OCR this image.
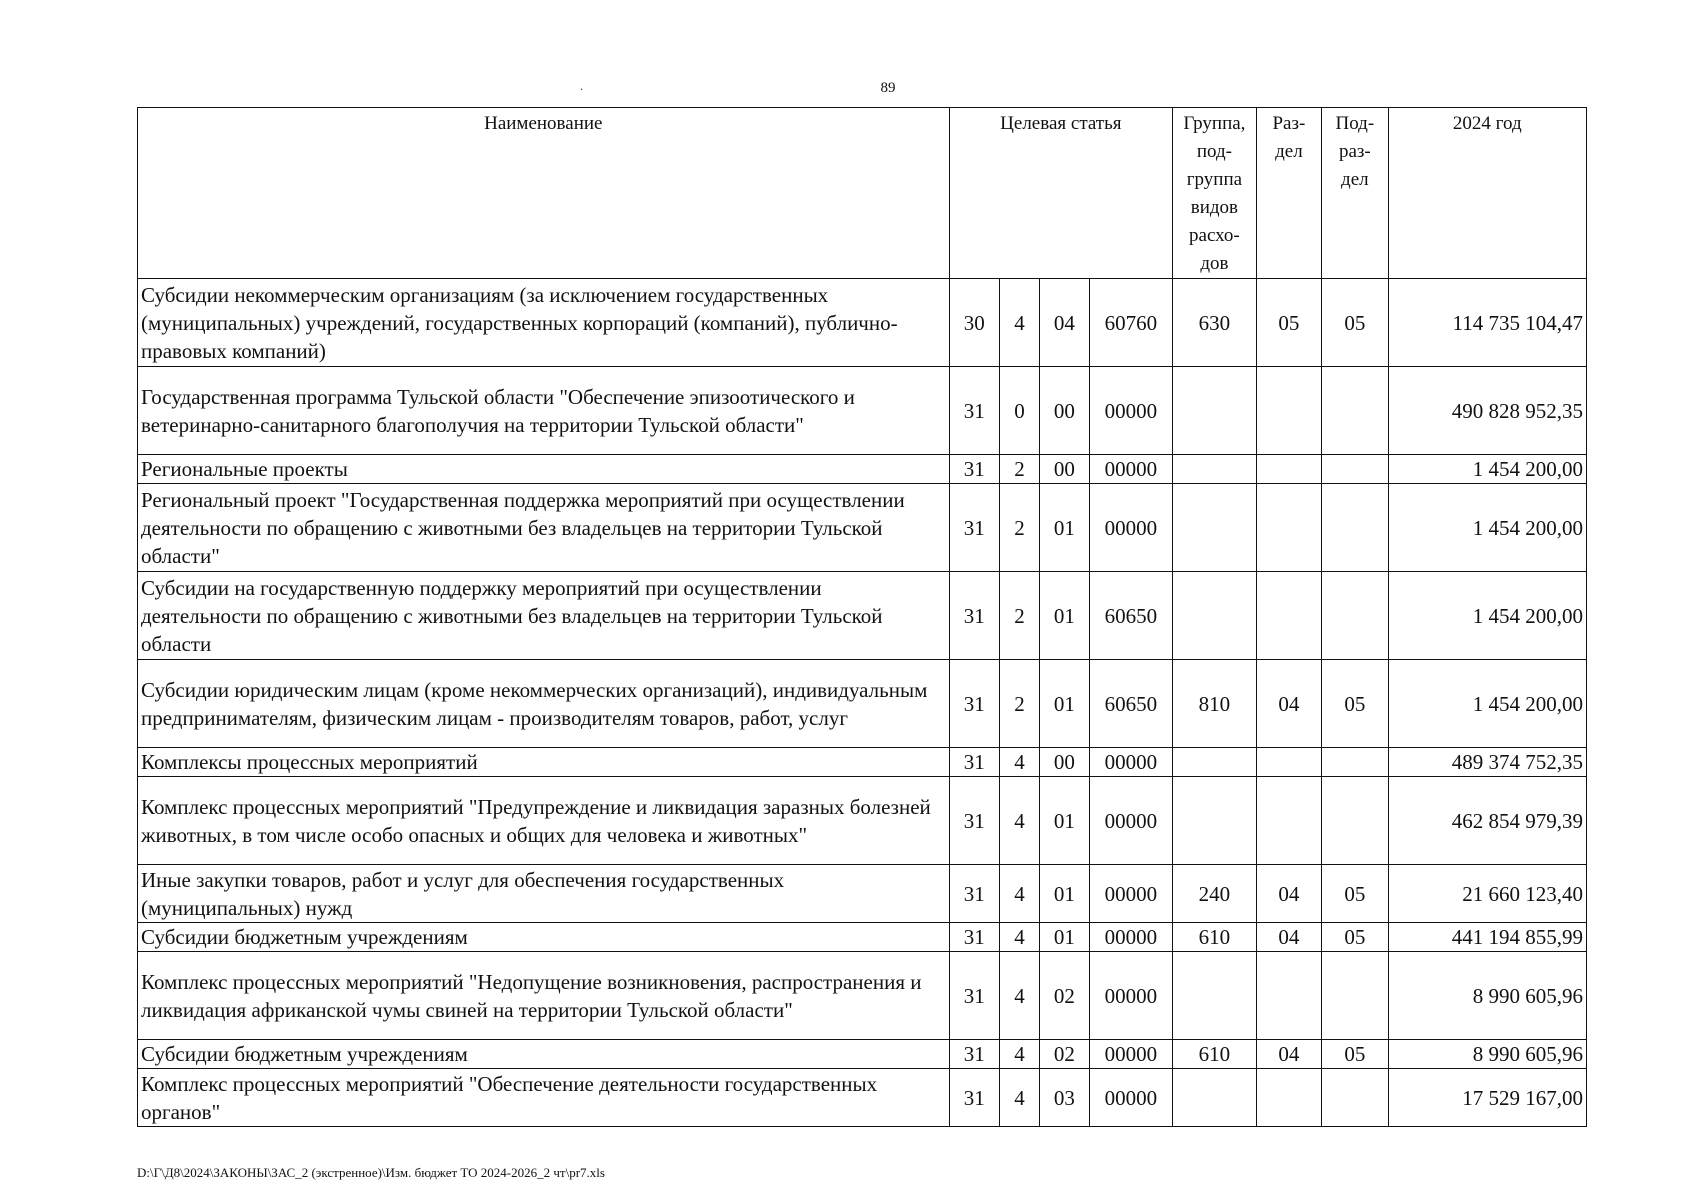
89
.
Наименование	Целевая статья				Группа, под- группа видов расхо- дов	Раз- дел	Под- раз- дел	2024 год
Субсидии некоммерческим организациям (за исключением государственных (муниципальных) учреждений, государственных корпораций (компаний), публично-правовых компаний)	30	4	04	60760	630	05	05	114 735 104,47
Государственная программа Тульской области "Обеспечение эпизоотического и ветеринарно-санитарного благополучия на территории Тульской области"	31	0	00	00000				490 828 952,35
Региональные проекты	31	2	00	00000				1 454 200,00
Региональный проект "Государственная поддержка мероприятий при осуществлении деятельности по обращению с животными без владельцев на территории Тульской области"	31	2	01	00000				1 454 200,00
Субсидии на государственную поддержку мероприятий при осуществлении деятельности по обращению с животными без владельцев на территории Тульской области	31	2	01	60650				1 454 200,00
Субсидии юридическим лицам (кроме некоммерческих организаций), индивидуальным предпринимателям, физическим лицам - производителям товаров, работ, услуг	31	2	01	60650	810	04	05	1 454 200,00
Комплексы процессных мероприятий	31	4	00	00000				489 374 752,35
Комплекс процессных мероприятий "Предупреждение и ликвидация заразных болезней животных, в том числе особо опасных и общих для человека и животных"	31	4	01	00000				462 854 979,39
Иные закупки товаров, работ и услуг для обеспечения государственных (муниципальных) нужд	31	4	01	00000	240	04	05	21 660 123,40
Субсидии бюджетным учреждениям	31	4	01	00000	610	04	05	441 194 855,99
Комплекс процессных мероприятий "Недопущение возникновения, распространения и ликвидация африканской чумы свиней на территории Тульской области"	31	4	02	00000				8 990 605,96
Субсидии бюджетным учреждениям	31	4	02	00000	610	04	05	8 990 605,96
Комплекс процессных мероприятий "Обеспечение деятельности государственных органов"	31	4	03	00000				17 529 167,00
D:\Г\Д8\2024\ЗАКОНЫ\ЗАС_2 (экстренное)\Изм. бюджет ТО 2024-2026_2 чт\pr7.xls
